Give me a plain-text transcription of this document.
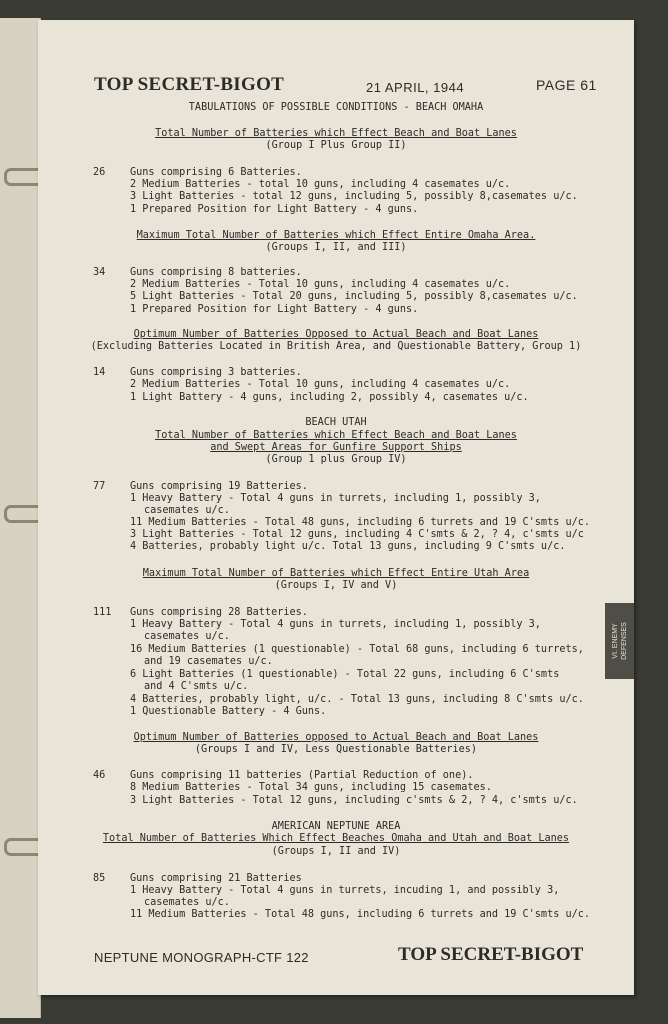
TOP SECRET-BIGOT	21 APRIL, 1944	PAGE 61
TABULATIONS OF POSSIBLE CONDITIONS - BEACH OMAHA
Total Number of Batteries which Effect Beach and Boat Lanes
(Group I Plus Group II)
26 Guns comprising 6 Batteries.
2 Medium Batteries - total 10 guns, including 4 casemates u/c.
3 Light Batteries - total 12 guns, including 5, possibly 8,casemates u/c.
1 Prepared Position for Light Battery - 4 guns.
Maximum Total Number of Batteries which Effect Entire Omaha Area.
(Groups I, II, and III)
34 Guns comprising 8 batteries.
2 Medium Batteries - Total 10 guns, including 4 casemates u/c.
5 Light Batteries - Total 20 guns, including 5, possibly 8,casemates u/c.
1 Prepared Position for Light Battery - 4 guns.
Optimum Number of Batteries Opposed to Actual Beach and Boat Lanes
(Excluding Batteries Located in British Area, and Questionable Battery, Group 1)
14 Guns comprising 3 batteries.
2 Medium Batteries - Total 10 guns, including 4 casemates u/c.
1 Light Battery - 4 guns, including 2, possibly 4, casemates u/c.
BEACH UTAH
Total Number of Batteries which Effect Beach and Boat Lanes
and Swept Areas for Gunfire Support Ships
(Group 1 plus Group IV)
77 Guns comprising 19 Batteries.
1 Heavy Battery - Total 4 guns in turrets, including 1, possibly 3,
casemates u/c.
11 Medium Batteries - Total 48 guns, including 6 turrets and 19 C'smts u/c.
3 Light Batteries - Total 12 guns, including 4 C'smts & 2, ? 4, c'smts u/c
4 Batteries, probably light u/c. Total 13 guns, including 9 C'smts u/c.
Maximum Total Number of Batteries which Effect Entire Utah Area
(Groups I, IV and V)
111 Guns comprising 28 Batteries.
1 Heavy Battery - Total 4 guns in turrets, including 1, possibly 3,
casemates u/c.
16 Medium Batteries (1 questionable) - Total 68 guns, including 6 turrets,
and 19 casemates u/c.
6 Light Batteries (1 questionable) - Total 22 guns, including 6 C'smts
and 4 C'smts u/c.
4 Batteries, probably light, u/c. - Total 13 guns, including 8 C'smts u/c.
1 Questionable Battery - 4 Guns.
Optimum Number of Batteries opposed to Actual Beach and Boat Lanes
(Groups I and IV, Less Questionable Batteries)
46 Guns comprising 11 batteries (Partial Reduction of one).
8 Medium Batteries - Total 34 guns, including 15 casemates.
3 Light Batteries - Total 12 guns, including c'smts & 2, ? 4, c'smts u/c.
AMERICAN NEPTUNE AREA
Total Number of Batteries Which Effect Beaches Omaha and Utah and Boat Lanes
(Groups I, II and IV)
85 Guns comprising 21 Batteries
1 Heavy Battery - Total 4 guns in turrets, incuding 1, and possibly 3,
casemates u/c.
11 Medium Batteries - Total 48 guns, including 6 turrets and 19 C'smts u/c.
VI. ENEMY DEFENSES
NEPTUNE MONOGRAPH-CTF 122	TOP SECRET-BIGOT
